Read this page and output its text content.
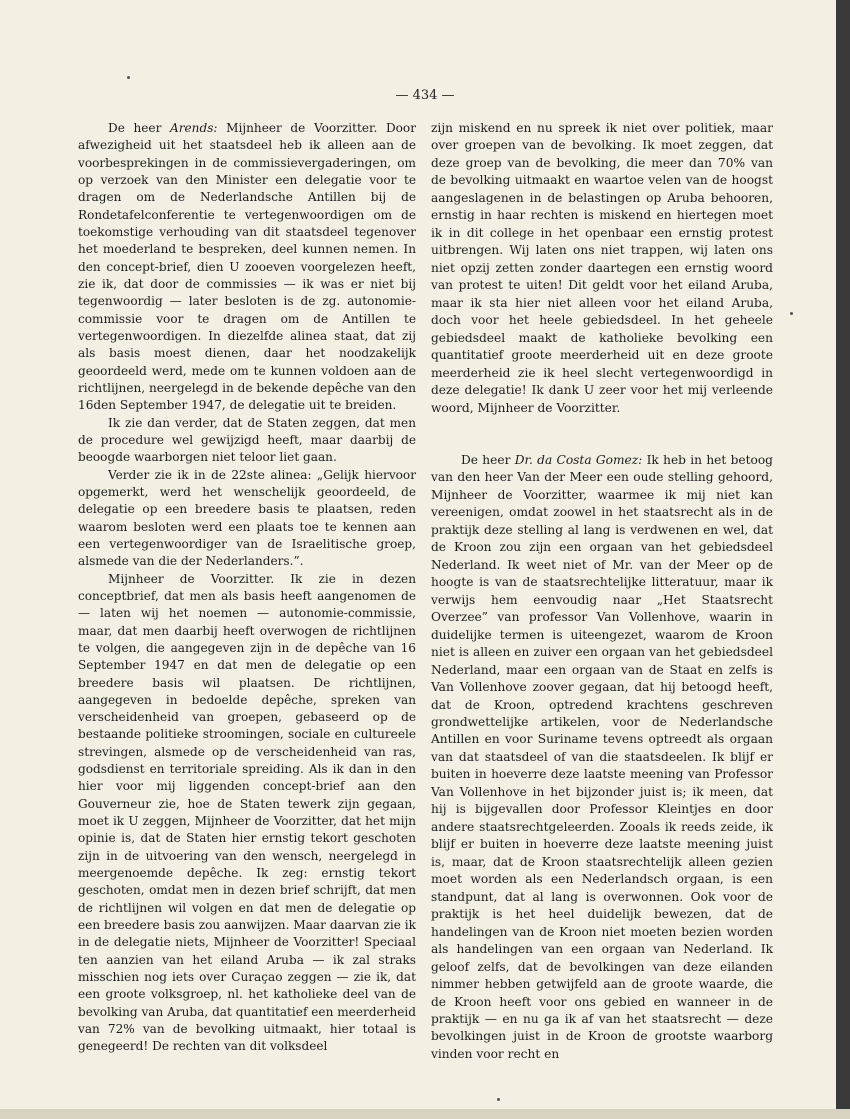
— 434 —

De heer Arends: Mijnheer de Voorzitter. Door afwezigheid uit het staatsdeel heb ik alleen aan de voorbesprekingen in de commissievergaderingen, om op verzoek van den Minister een delegatie voor te dragen om de Nederlandsche Antillen bij de Rondetafelconferentie te vertegenwoordigen om de toekomstige verhouding van dit staatsdeel tegenover het moederland te bespreken, deel kunnen nemen. In den concept-brief, dien U zooeven voorgelezen heeft, zie ik, dat door de commissies — ik was er niet bij tegenwoordig — later besloten is de zg. autonomie-commissie voor te dragen om de Antillen te vertegenwoordigen. In diezelfde alinea staat, dat zij als basis moest dienen, daar het noodzakelijk geoordeeld werd, mede om te kunnen voldoen aan de richtlijnen, neergelegd in de bekende depêche van den 16den September 1947, de delegatie uit te breiden.

Ik zie dan verder, dat de Staten zeggen, dat men de procedure wel gewijzigd heeft, maar daarbij de beoogde waarborgen niet teloor liet gaan.

Verder zie ik in de 22ste alinea: „Gelijk hiervoor opgemerkt, werd het wenschelijk geoordeeld, de delegatie op een breedere basis te plaatsen, reden waarom besloten werd een plaats toe te kennen aan een vertegenwoordiger van de Israelitische groep, alsmede van die der Nederlanders.”.

Mijnheer de Voorzitter. Ik zie in dezen conceptbrief, dat men als basis heeft aangenomen de — laten wij het noemen — autonomie-commissie, maar, dat men daarbij heeft overwogen de richtlijnen te volgen, die aangegeven zijn in de depêche van 16 September 1947 en dat men de delegatie op een breedere basis wil plaatsen. De richtlijnen, aangegeven in bedoelde depêche, spreken van verscheidenheid van groepen, gebaseerd op de bestaande politieke stroomingen, sociale en cultureele strevingen, alsmede op de verscheidenheid van ras, godsdienst en territoriale spreiding. Als ik dan in den hier voor mij liggenden concept-brief aan den Gouverneur zie, hoe de Staten tewerk zijn gegaan, moet ik U zeggen, Mijnheer de Voorzitter, dat het mijn opinie is, dat de Staten hier ernstig tekort geschoten zijn in de uitvoering van den wensch, neergelegd in meergenoemde depêche. Ik zeg: ernstig tekort geschoten, omdat men in dezen brief schrijft, dat men de richtlijnen wil volgen en dat men de delegatie op een breedere basis zou aanwijzen. Maar daarvan zie ik in de delegatie niets, Mijnheer de Voorzitter! Speciaal ten aanzien van het eiland Aruba — ik zal straks misschien nog iets over Curaçao zeggen — zie ik, dat een groote volksgroep, nl. het katholieke deel van de bevolking van Aruba, dat quantitatief een meerderheid van 72% van de bevolking uitmaakt, hier totaal is genegeerd! De rechten van dit volksdeel

zijn miskend en nu spreek ik niet over politiek, maar over groepen van de bevolking. Ik moet zeggen, dat deze groep van de bevolking, die meer dan 70% van de bevolking uitmaakt en waartoe velen van de hoogst aangeslagenen in de belastingen op Aruba behooren, ernstig in haar rechten is miskend en hiertegen moet ik in dit college in het openbaar een ernstig protest uitbrengen. Wij laten ons niet trappen, wij laten ons niet opzij zetten zonder daartegen een ernstig woord van protest te uiten! Dit geldt voor het eiland Aruba, maar ik sta hier niet alleen voor het eiland Aruba, doch voor het heele gebiedsdeel. In het geheele gebiedsdeel maakt de katholieke bevolking een quantitatief groote meerderheid uit en deze groote meerderheid zie ik heel slecht vertegenwoordigd in deze delegatie! Ik dank U zeer voor het mij verleende woord, Mijnheer de Voorzitter.

De heer Dr. da Costa Gomez: Ik heb in het betoog van den heer Van der Meer een oude stelling gehoord, Mijnheer de Voorzitter, waarmee ik mij niet kan vereenigen, omdat zoowel in het staatsrecht als in de praktijk deze stelling al lang is verdwenen en wel, dat de Kroon zou zijn een orgaan van het gebiedsdeel Nederland. Ik weet niet of Mr. van der Meer op de hoogte is van de staatsrechtelijke litteratuur, maar ik verwijs hem eenvoudig naar „Het Staatsrecht Overzee” van professor Van Vollenhove, waarin in duidelijke termen is uiteengezet, waarom de Kroon niet is alleen en zuiver een orgaan van het gebiedsdeel Nederland, maar een orgaan van de Staat en zelfs is Van Vollenhove zoover gegaan, dat hij betoogd heeft, dat de Kroon, optredend krachtens geschreven grondwettelijke artikelen, voor de Nederlandsche Antillen en voor Suriname tevens optreedt als orgaan van dat staatsdeel of van die staatsdeelen. Ik blijf er buiten in hoeverre deze laatste meening van Professor Van Vollenhove in het bijzonder juist is; ik meen, dat hij is bijgevallen door Professor Kleintjes en door andere staatsrechtgeleerden. Zooals ik reeds zeide, ik blijf er buiten in hoeverre deze laatste meening juist is, maar, dat de Kroon staatsrechtelijk alleen gezien moet worden als een Nederlandsch orgaan, is een standpunt, dat al lang is overwonnen. Ook voor de praktijk is het heel duidelijk bewezen, dat de handelingen van de Kroon niet moeten bezien worden als handelingen van een orgaan van Nederland. Ik geloof zelfs, dat de bevolkingen van deze eilanden nimmer hebben getwijfeld aan de groote waarde, die de Kroon heeft voor ons gebied en wanneer in de praktijk — en nu ga ik af van het staatsrecht — deze bevolkingen juist in de Kroon de grootste waarborg vinden voor recht en
